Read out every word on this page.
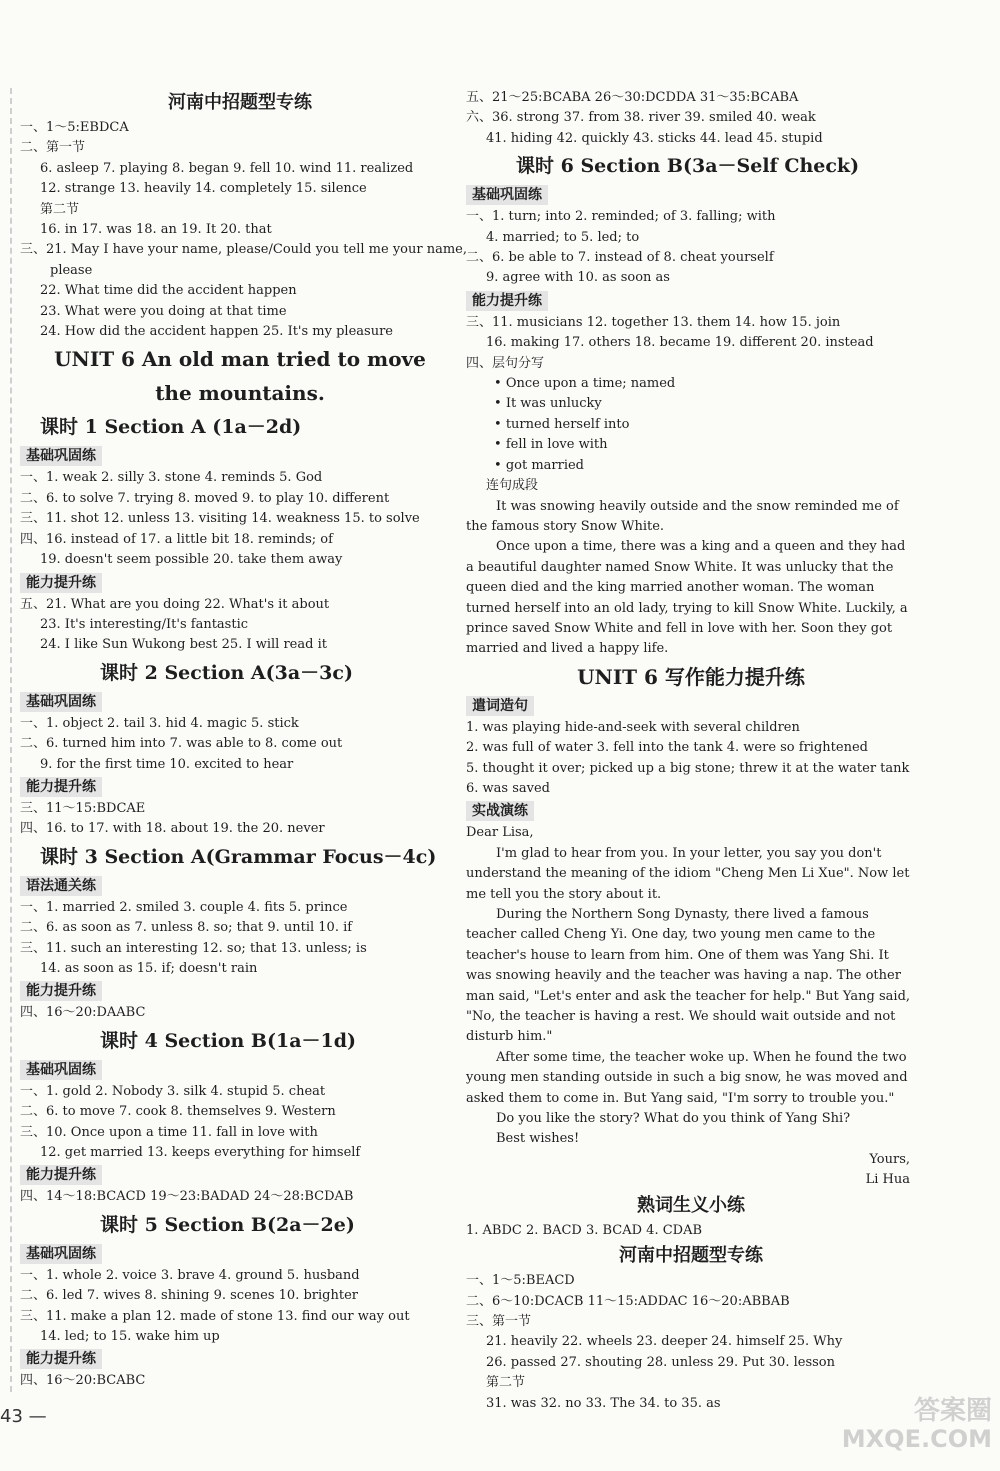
河南中招题型专练
一、1～5:EBDCA
二、第一节
6. asleep 7. playing 8. began 9. fell 10. wind 11. realized
12. strange 13. heavily 14. completely 15. silence
第二节
16. in 17. was 18. an 19. It 20. that
三、21. May I have your name, please/Could you tell me your name,
please
22. What time did the accident happen
23. What were you doing at that time
24. How did the accident happen 25. It's my pleasure
UNIT 6 An old man tried to move
the mountains.
课时 1 Section A (1a－2d)
基础巩固练
一、1. weak 2. silly 3. stone 4. reminds 5. God
二、6. to solve 7. trying 8. moved 9. to play 10. different
三、11. shot 12. unless 13. visiting 14. weakness 15. to solve
四、16. instead of 17. a little bit 18. reminds; of
19. doesn't seem possible 20. take them away
能力提升练
五、21. What are you doing 22. What's it about
23. It's interesting/It's fantastic
24. I like Sun Wukong best 25. I will read it
课时 2 Section A(3a－3c)
基础巩固练
一、1. object 2. tail 3. hid 4. magic 5. stick
二、6. turned him into 7. was able to 8. come out
9. for the first time 10. excited to hear
能力提升练
三、11～15:BDCAE
四、16. to 17. with 18. about 19. the 20. never
课时 3 Section A(Grammar Focus－4c)
语法通关练
一、1. married 2. smiled 3. couple 4. fits 5. prince
二、6. as soon as 7. unless 8. so; that 9. until 10. if
三、11. such an interesting 12. so; that 13. unless; is
14. as soon as 15. if; doesn't rain
能力提升练
四、16～20:DAABC
课时 4 Section B(1a－1d)
基础巩固练
一、1. gold 2. Nobody 3. silk 4. stupid 5. cheat
二、6. to move 7. cook 8. themselves 9. Western
三、10. Once upon a time 11. fall in love with
12. get married 13. keeps everything for himself
能力提升练
四、14～18:BCACD 19～23:BADAD 24～28:BCDAB
课时 5 Section B(2a－2e)
基础巩固练
一、1. whole 2. voice 3. brave 4. ground 5. husband
二、6. led 7. wives 8. shining 9. scenes 10. brighter
三、11. make a plan 12. made of stone 13. find our way out
14. led; to 15. wake him up
能力提升练
四、16～20:BCABC
五、21～25:BCABA 26～30:DCDDA 31～35:BCABA
六、36. strong 37. from 38. river 39. smiled 40. weak
41. hiding 42. quickly 43. sticks 44. lead 45. stupid
课时 6 Section B(3a－Self Check)
基础巩固练
一、1. turn; into 2. reminded; of 3. falling; with
4. married; to 5. led; to
二、6. be able to 7. instead of 8. cheat yourself
9. agree with 10. as soon as
能力提升练
三、11. musicians 12. together 13. them 14. how 15. join
16. making 17. others 18. became 19. different 20. instead
四、层句分写
• Once upon a time; named
• It was unlucky
• turned herself into
• fell in love with
• got married
连句成段
It was snowing heavily outside and the snow reminded me of the famous story Snow White.
Once upon a time, there was a king and a queen and they had a beautiful daughter named Snow White. It was unlucky that the queen died and the king married another woman. The woman turned herself into an old lady, trying to kill Snow White. Luckily, a prince saved Snow White and fell in love with her. Soon they got married and lived a happy life.
UNIT 6 写作能力提升练
遣词造句
1. was playing hide-and-seek with several children
2. was full of water 3. fell into the tank 4. were so frightened
5. thought it over; picked up a big stone; threw it at the water tank
6. was saved
实战演练
Dear Lisa,
I'm glad to hear from you. In your letter, you say you don't understand the meaning of the idiom "Cheng Men Li Xue". Now let me tell you the story about it.
During the Northern Song Dynasty, there lived a famous teacher called Cheng Yi. One day, two young men came to the teacher's house to learn from him. One of them was Yang Shi. It was snowing heavily and the teacher was having a nap. The other man said, "Let's enter and ask the teacher for help." But Yang said, "No, the teacher is having a rest. We should wait outside and not disturb him."
After some time, the teacher woke up. When he found the two young men standing outside in such a big snow, he was moved and asked them to come in. But Yang said, "I'm sorry to trouble you."
Do you like the story? What do you think of Yang Shi?
Best wishes!
Yours,
Li Hua
熟词生义小练
1. ABDC 2. BACD 3. BCAD 4. CDAB
河南中招题型专练
一、1～5:BEACD
二、6～10:DCACB 11～15:ADDAC 16～20:ABBAB
三、第一节
21. heavily 22. wheels 23. deeper 24. himself 25. Why
26. passed 27. shouting 28. unless 29. Put 30. lesson
第二节
31. was 32. no 33. The 34. to 35. as
43 —	答案圈
MXQE.COM
